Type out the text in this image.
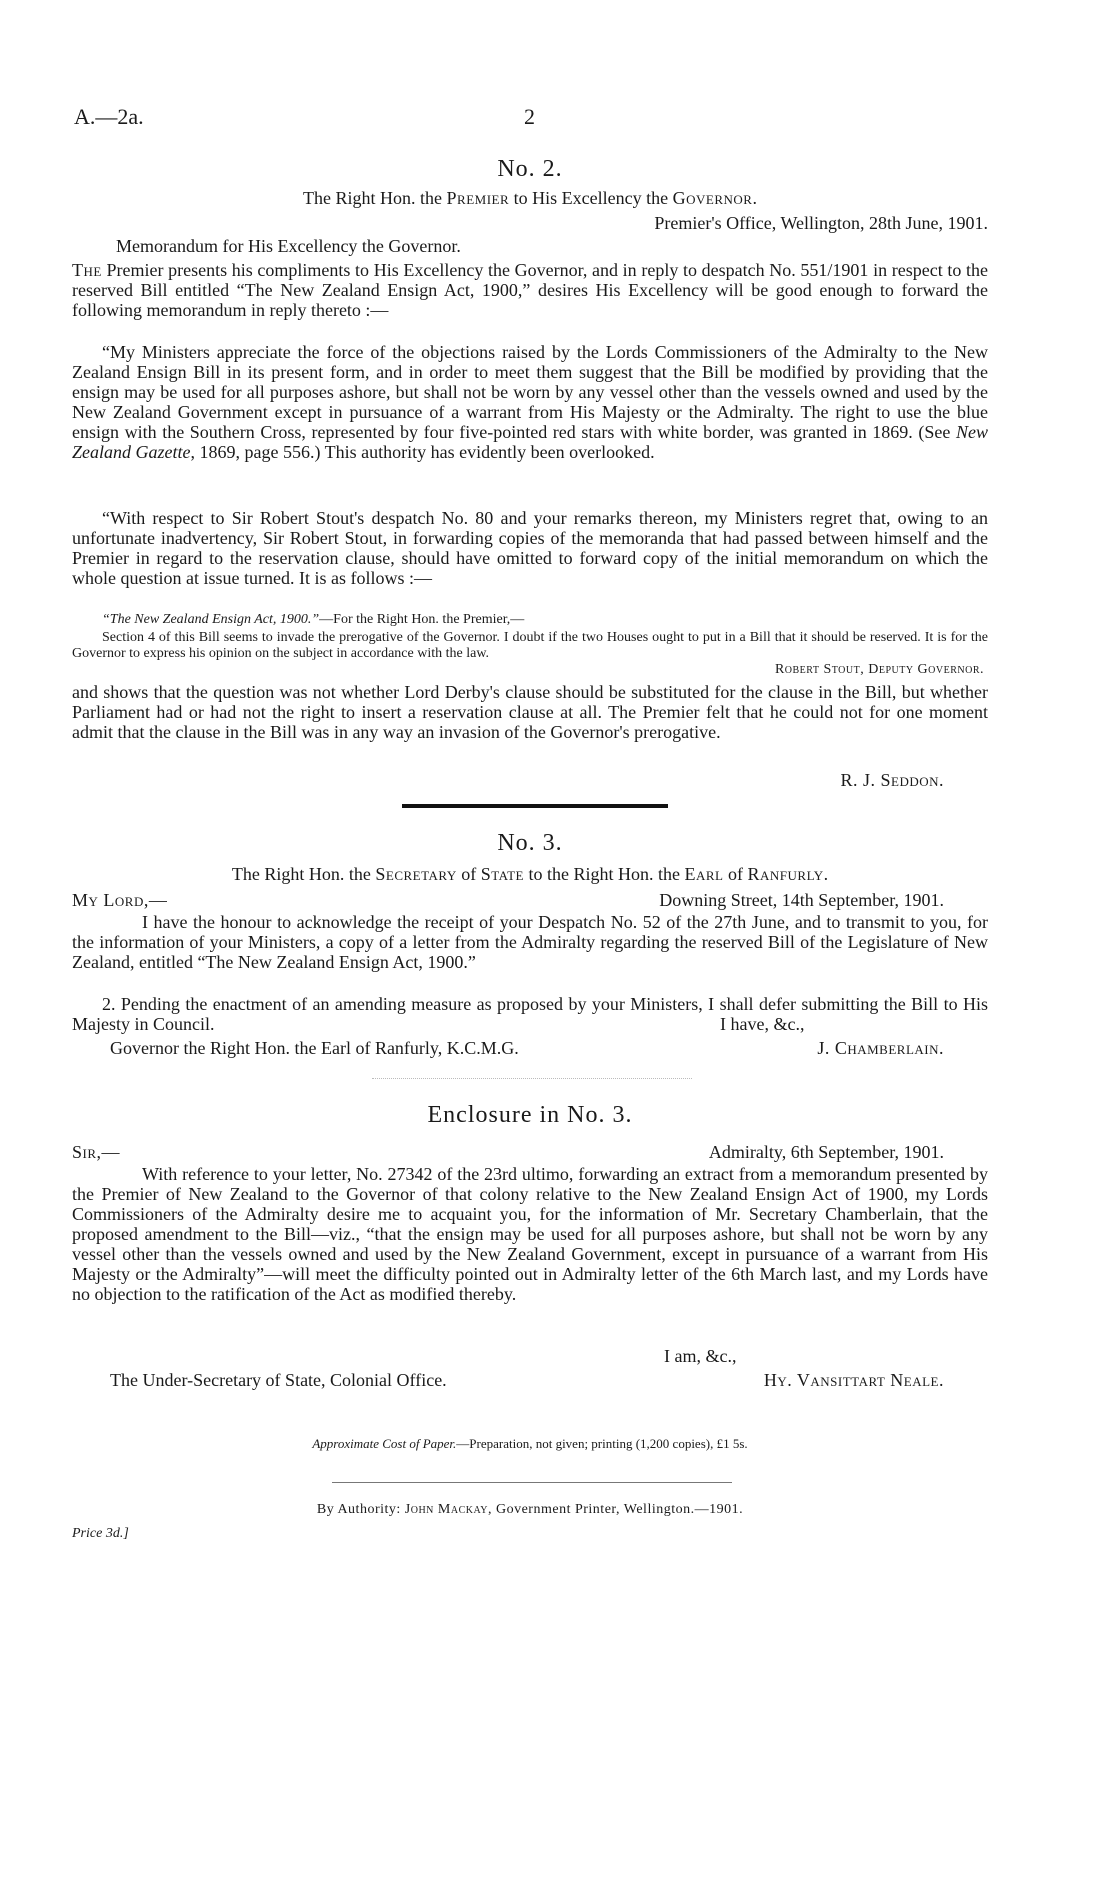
A.—2a.	2
No. 2.
The Right Hon. the Premier to His Excellency the Governor.
Premier's Office, Wellington, 28th June, 1901.
Memorandum for His Excellency the Governor.

The Premier presents his compliments to His Excellency the Governor, and in reply to despatch No. 551/1901 in respect to the reserved Bill entitled “The New Zealand Ensign Act, 1900,” desires His Excellency will be good enough to forward the following memorandum in reply thereto :—

“My Ministers appreciate the force of the objections raised by the Lords Commissioners of the Admiralty to the New Zealand Ensign Bill in its present form, and in order to meet them suggest that the Bill be modified by providing that the ensign may be used for all purposes ashore, but shall not be worn by any vessel other than the vessels owned and used by the New Zealand Government except in pursuance of a warrant from His Majesty or the Admiralty. The right to use the blue ensign with the Southern Cross, represented by four five-pointed red stars with white border, was granted in 1869. (See New Zealand Gazette, 1869, page 556.) This authority has evidently been overlooked.

“With respect to Sir Robert Stout's despatch No. 80 and your remarks thereon, my Ministers regret that, owing to an unfortunate inadvertency, Sir Robert Stout, in forwarding copies of the memoranda that had passed between himself and the Premier in regard to the reservation clause, should have omitted to forward copy of the initial memorandum on which the whole question at issue turned. It is as follows :—

“The New Zealand Ensign Act, 1900.”—For the Right Hon. the Premier,—

Section 4 of this Bill seems to invade the prerogative of the Governor. I doubt if the two Houses ought to put in a Bill that it should be reserved. It is for the Governor to express his opinion on the subject in accordance with the law.

Robert Stout, Deputy Governor.

and shows that the question was not whether Lord Derby's clause should be substituted for the clause in the Bill, but whether Parliament had or had not the right to insert a reservation clause at all. The Premier felt that he could not for one moment admit that the clause in the Bill was in any way an invasion of the Governor's prerogative.

R. J. Seddon.
No. 3.
The Right Hon. the Secretary of State to the Right Hon. the Earl of Ranfurly.
My Lord,—	Downing Street, 14th September, 1901.

I have the honour to acknowledge the receipt of your Despatch No. 52 of the 27th June, and to transmit to you, for the information of your Ministers, a copy of a letter from the Admiralty regarding the reserved Bill of the Legislature of New Zealand, entitled “The New Zealand Ensign Act, 1900.”

2. Pending the enactment of an amending measure as proposed by your Ministers, I shall defer submitting the Bill to His Majesty in Council.	I have, &c.,
Governor the Right Hon. the Earl of Ranfurly, K.C.M.G.	J. Chamberlain.
Enclosure in No. 3.
Sir,—	Admiralty, 6th September, 1901.

With reference to your letter, No. 27342 of the 23rd ultimo, forwarding an extract from a memorandum presented by the Premier of New Zealand to the Governor of that colony relative to the New Zealand Ensign Act of 1900, my Lords Commissioners of the Admiralty desire me to acquaint you, for the information of Mr. Secretary Chamberlain, that the proposed amendment to the Bill—viz., “that the ensign may be used for all purposes ashore, but shall not be worn by any vessel other than the vessels owned and used by the New Zealand Government, except in pursuance of a warrant from His Majesty or the Admiralty”—will meet the difficulty pointed out in Admiralty letter of the 6th March last, and my Lords have no objection to the ratification of the Act as modified thereby.

I am, &c.,
The Under-Secretary of State, Colonial Office.	Hy. Vansittart Neale.
Approximate Cost of Paper.—Preparation, not given; printing (1,200 copies), £1 5s.
By Authority: John Mackay, Government Printer, Wellington.—1901.
Price 3d.]
